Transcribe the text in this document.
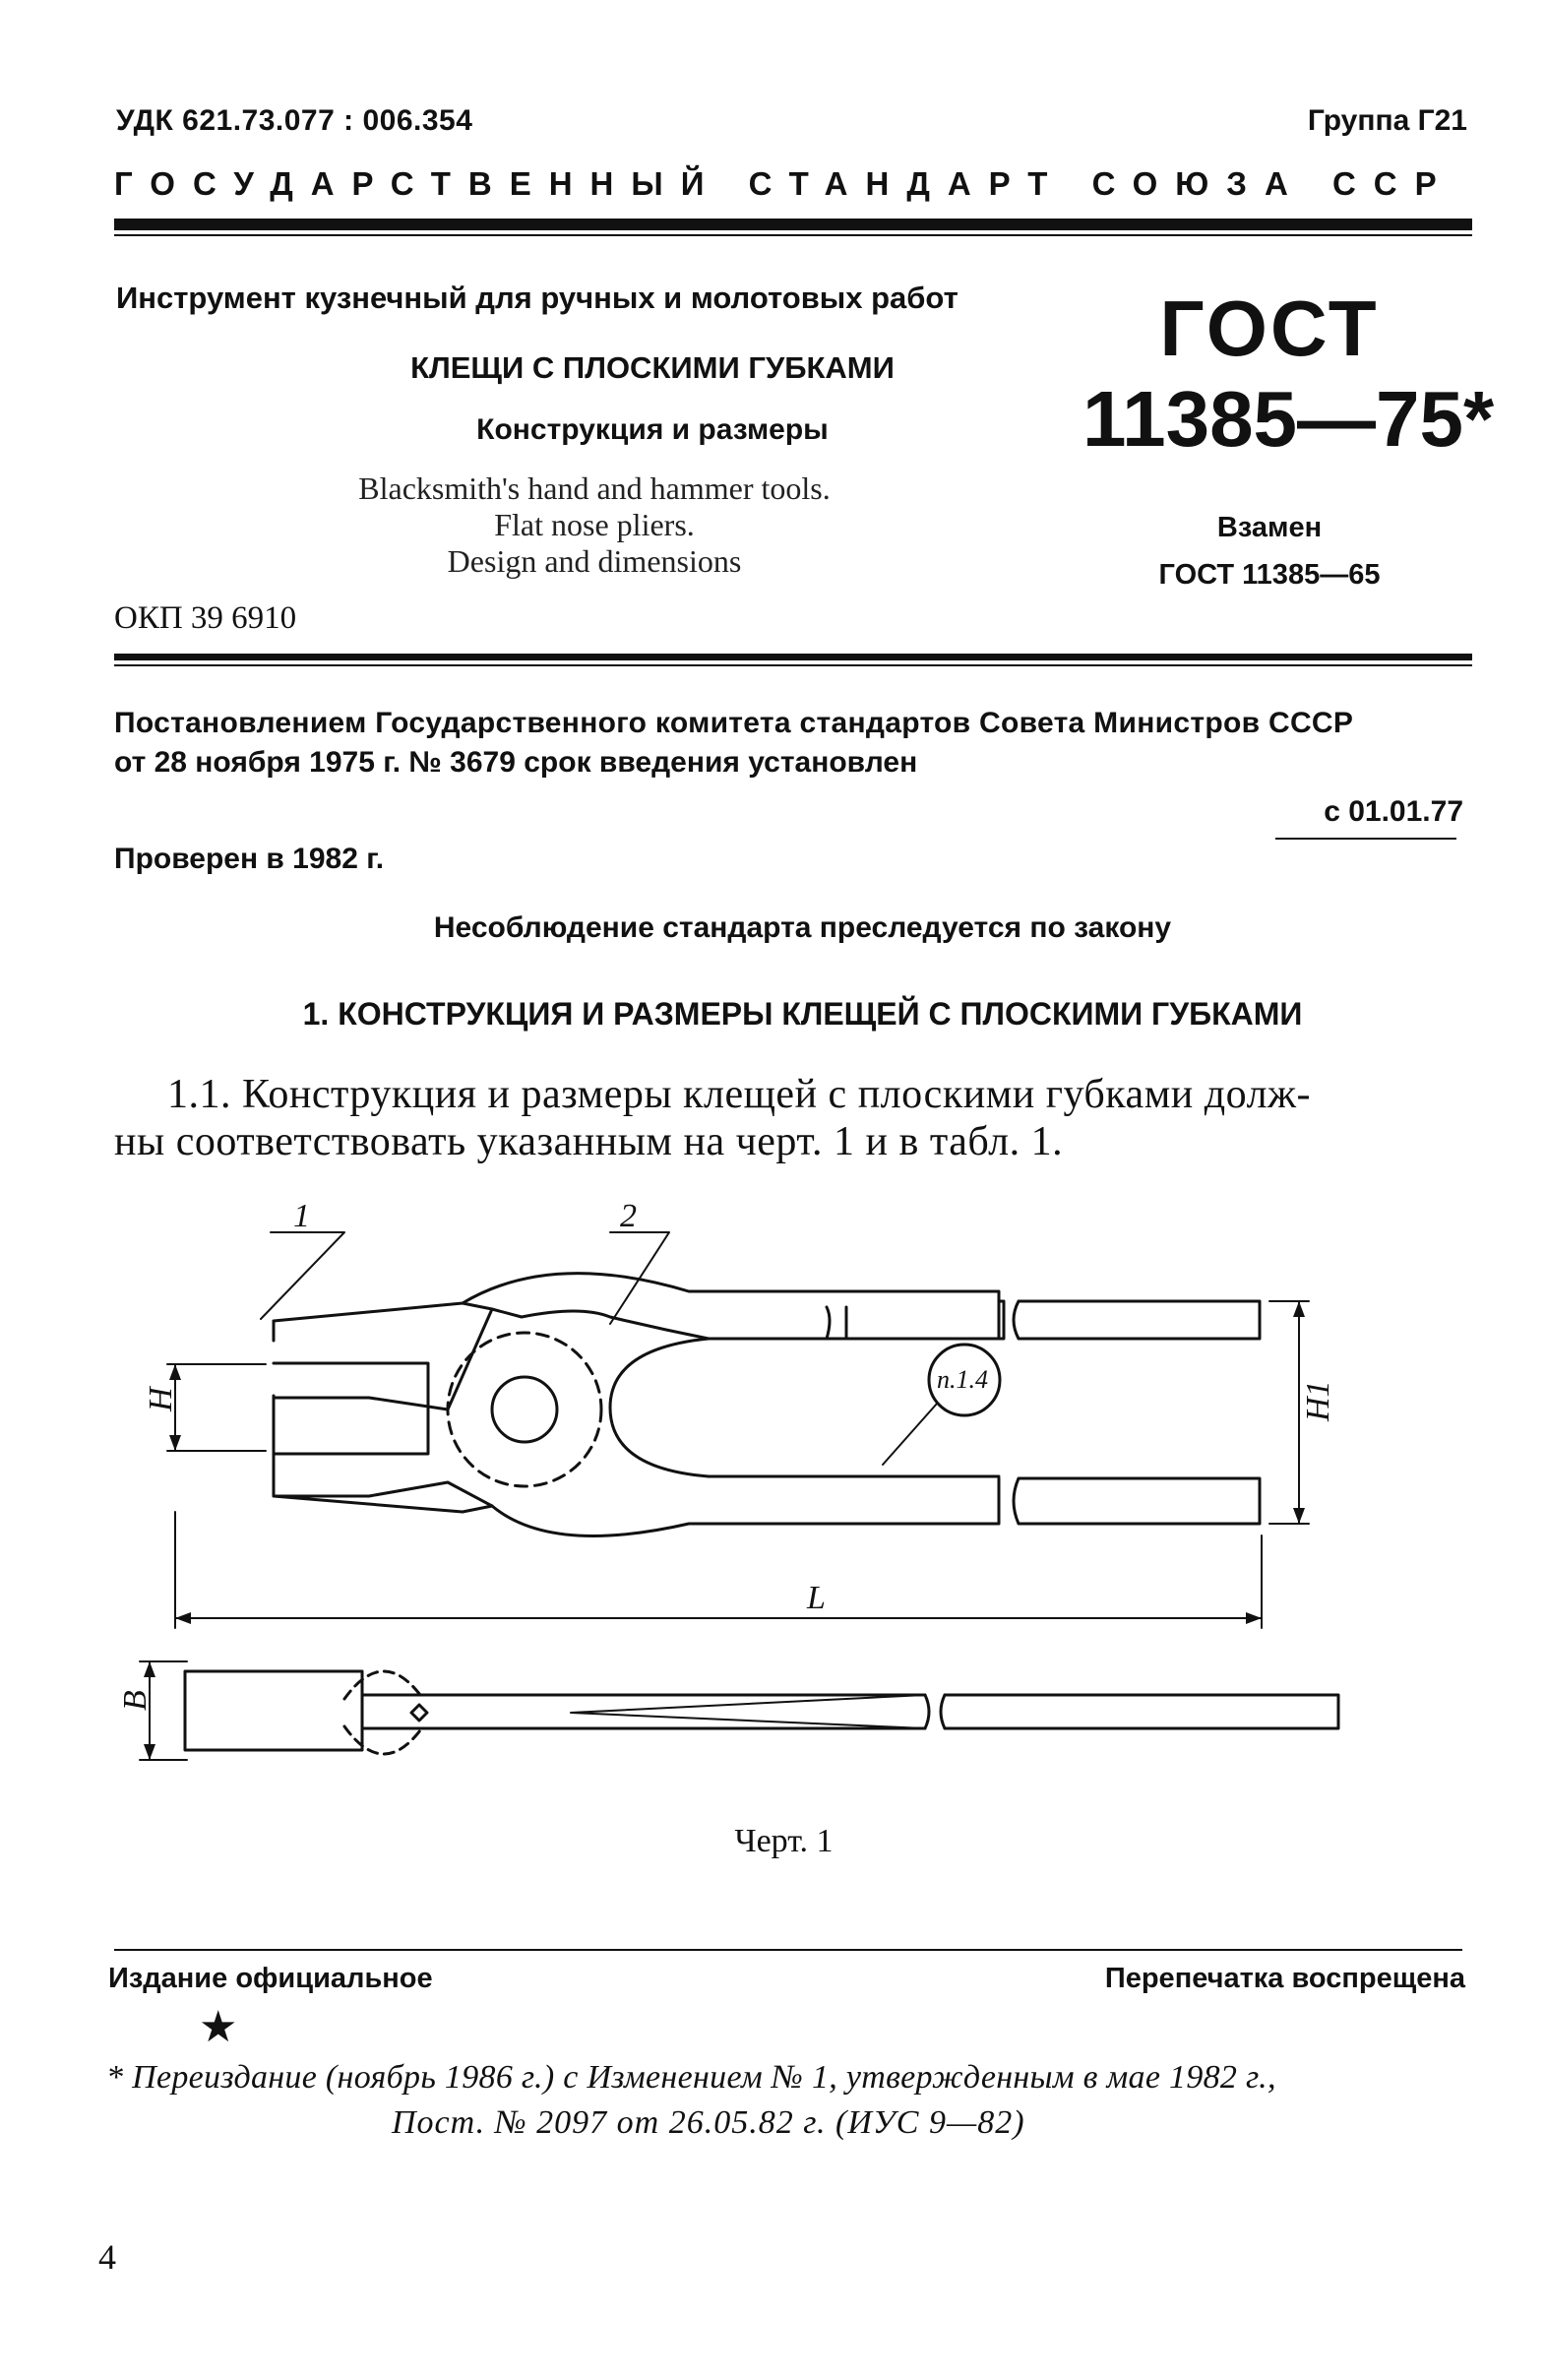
УДК 621.73.077 : 006.354	Группа Г21
ГОСУДАРСТВЕННЫЙ СТАНДАРТ СОЮЗА ССР
Инструмент кузнечный для ручных и молотовых работ
КЛЕЩИ С ПЛОСКИМИ ГУБКАМИ
Конструкция и размеры
Blacksmith's hand and hammer tools.
Flat nose pliers.
Design and dimensions
ОКП 39 6910
ГОСТ
11385—75*
Взамен
ГОСТ 11385—65
Постановлением Государственного комитета стандартов Совета Министров СССР
от 28 ноября 1975 г. № 3679 срок введения установлен
с 01.01.77
Проверен в 1982 г.
Несоблюдение стандарта преследуется по закону
1. КОНСТРУКЦИЯ И РАЗМЕРЫ КЛЕЩЕЙ С ПЛОСКИМИ ГУБКАМИ
1.1. Конструкция и размеры клещей с плоскими губками долж-
ны соответствовать указанным на черт. 1 и в табл. 1.
1	2
п.1.4
H	H1
L
B
Черт. 1
Издание официальное	Перепечатка воспрещена
★
* Переиздание (ноябрь 1986 г.) с Изменением № 1, утвержденным в мае 1982 г.,
Пост. № 2097 от 26.05.82 г. (ИУС 9—82)
4
